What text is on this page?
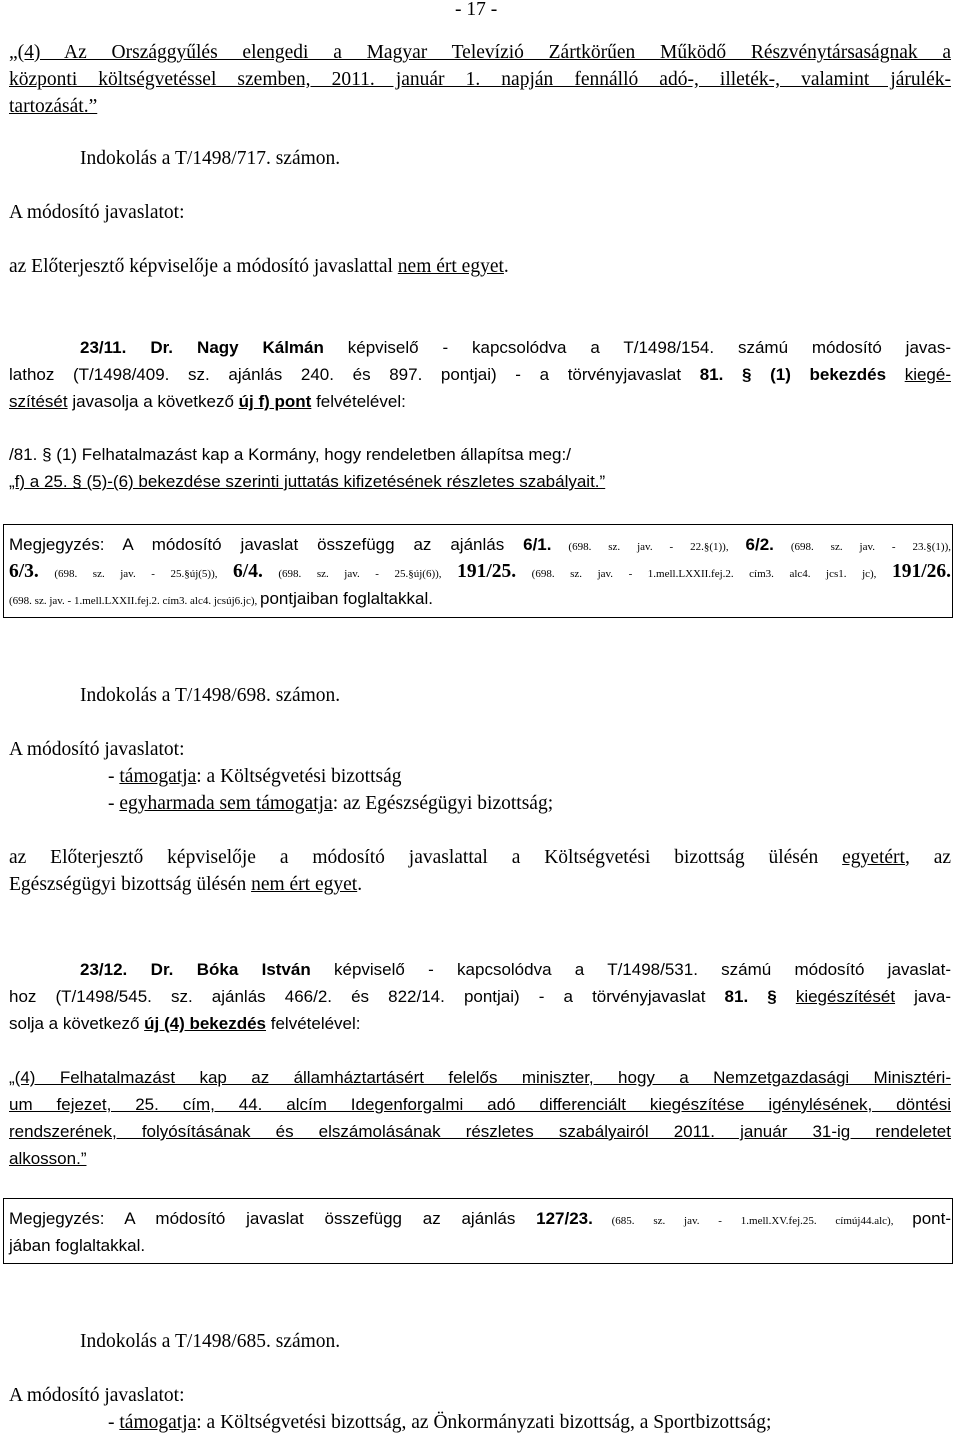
- 17 -
„(4) Az Országgyűlés elengedi a Magyar Televízió Zártkörűen Működő Részvénytársaságnak a
központi költségvetéssel szemben, 2011. január 1. napján fennálló adó-, illeték-, valamint járulék-
tartozását.”
Indokolás a T/1498/717. számon.
A módosító javaslatot:
az Előterjesztő képviselője a módosító javaslattal nem ért egyet.
23/11. Dr. Nagy Kálmán képviselő - kapcsolódva a T/1498/154. számú módosító javas-
lathoz (T/1498/409. sz. ajánlás 240. és 897. pontjai) - a törvényjavaslat 81. § (1) bekezdés kiegé-
szítését javasolja a következő új f) pont felvételével:
/81. § (1) Felhatalmazást kap a Kormány, hogy rendeletben állapítsa meg:/
„f) a 25. § (5)-(6) bekezdése szerinti juttatás kifizetésének részletes szabályait.”
Megjegyzés: A módosító javaslat összefügg az ajánlás 6/1. (698. sz. jav. - 22.§(1)), 6/2. (698. sz. jav. - 23.§(1)),
6/3. (698. sz. jav. - 25.§új(5)), 6/4. (698. sz. jav. - 25.§új(6)), 191/25. (698. sz. jav. - 1.mell.LXXII.fej.2. cím3. alc4. jcs1. jc), 191/26.
(698. sz. jav. - 1.mell.LXXII.fej.2. cím3. alc4. jcsúj6.jc), pontjaiban foglaltakkal.
Indokolás a T/1498/698. számon.
A módosító javaslatot:
- támogatja: a Költségvetési bizottság
- egyharmada sem támogatja: az Egészségügyi bizottság;
az Előterjesztő képviselője a módosító javaslattal a Költségvetési bizottság ülésén egyetért, az
Egészségügyi bizottság ülésén nem ért egyet.
23/12. Dr. Bóka István képviselő - kapcsolódva a T/1498/531. számú módosító javaslat-
hoz (T/1498/545. sz. ajánlás 466/2. és 822/14. pontjai) - a törvényjavaslat 81. § kiegészítését java-
solja a következő új (4) bekezdés felvételével:
„(4) Felhatalmazást kap az államháztartásért felelős miniszter, hogy a Nemzetgazdasági Minisztéri-
um fejezet, 25. cím, 44. alcím Idegenforgalmi adó differenciált kiegészítése igénylésének, döntési
rendszerének, folyósításának és elszámolásának részletes szabályairól 2011. január 31-ig rendeletet
alkosson.”
Megjegyzés: A módosító javaslat összefügg az ajánlás 127/23. (685. sz. jav. - 1.mell.XV.fej.25. címúj44.alc), pont-
jában foglaltakkal.
Indokolás a T/1498/685. számon.
A módosító javaslatot:
- támogatja: a Költségvetési bizottság, az Önkormányzati bizottság, a Sportbizottság;
